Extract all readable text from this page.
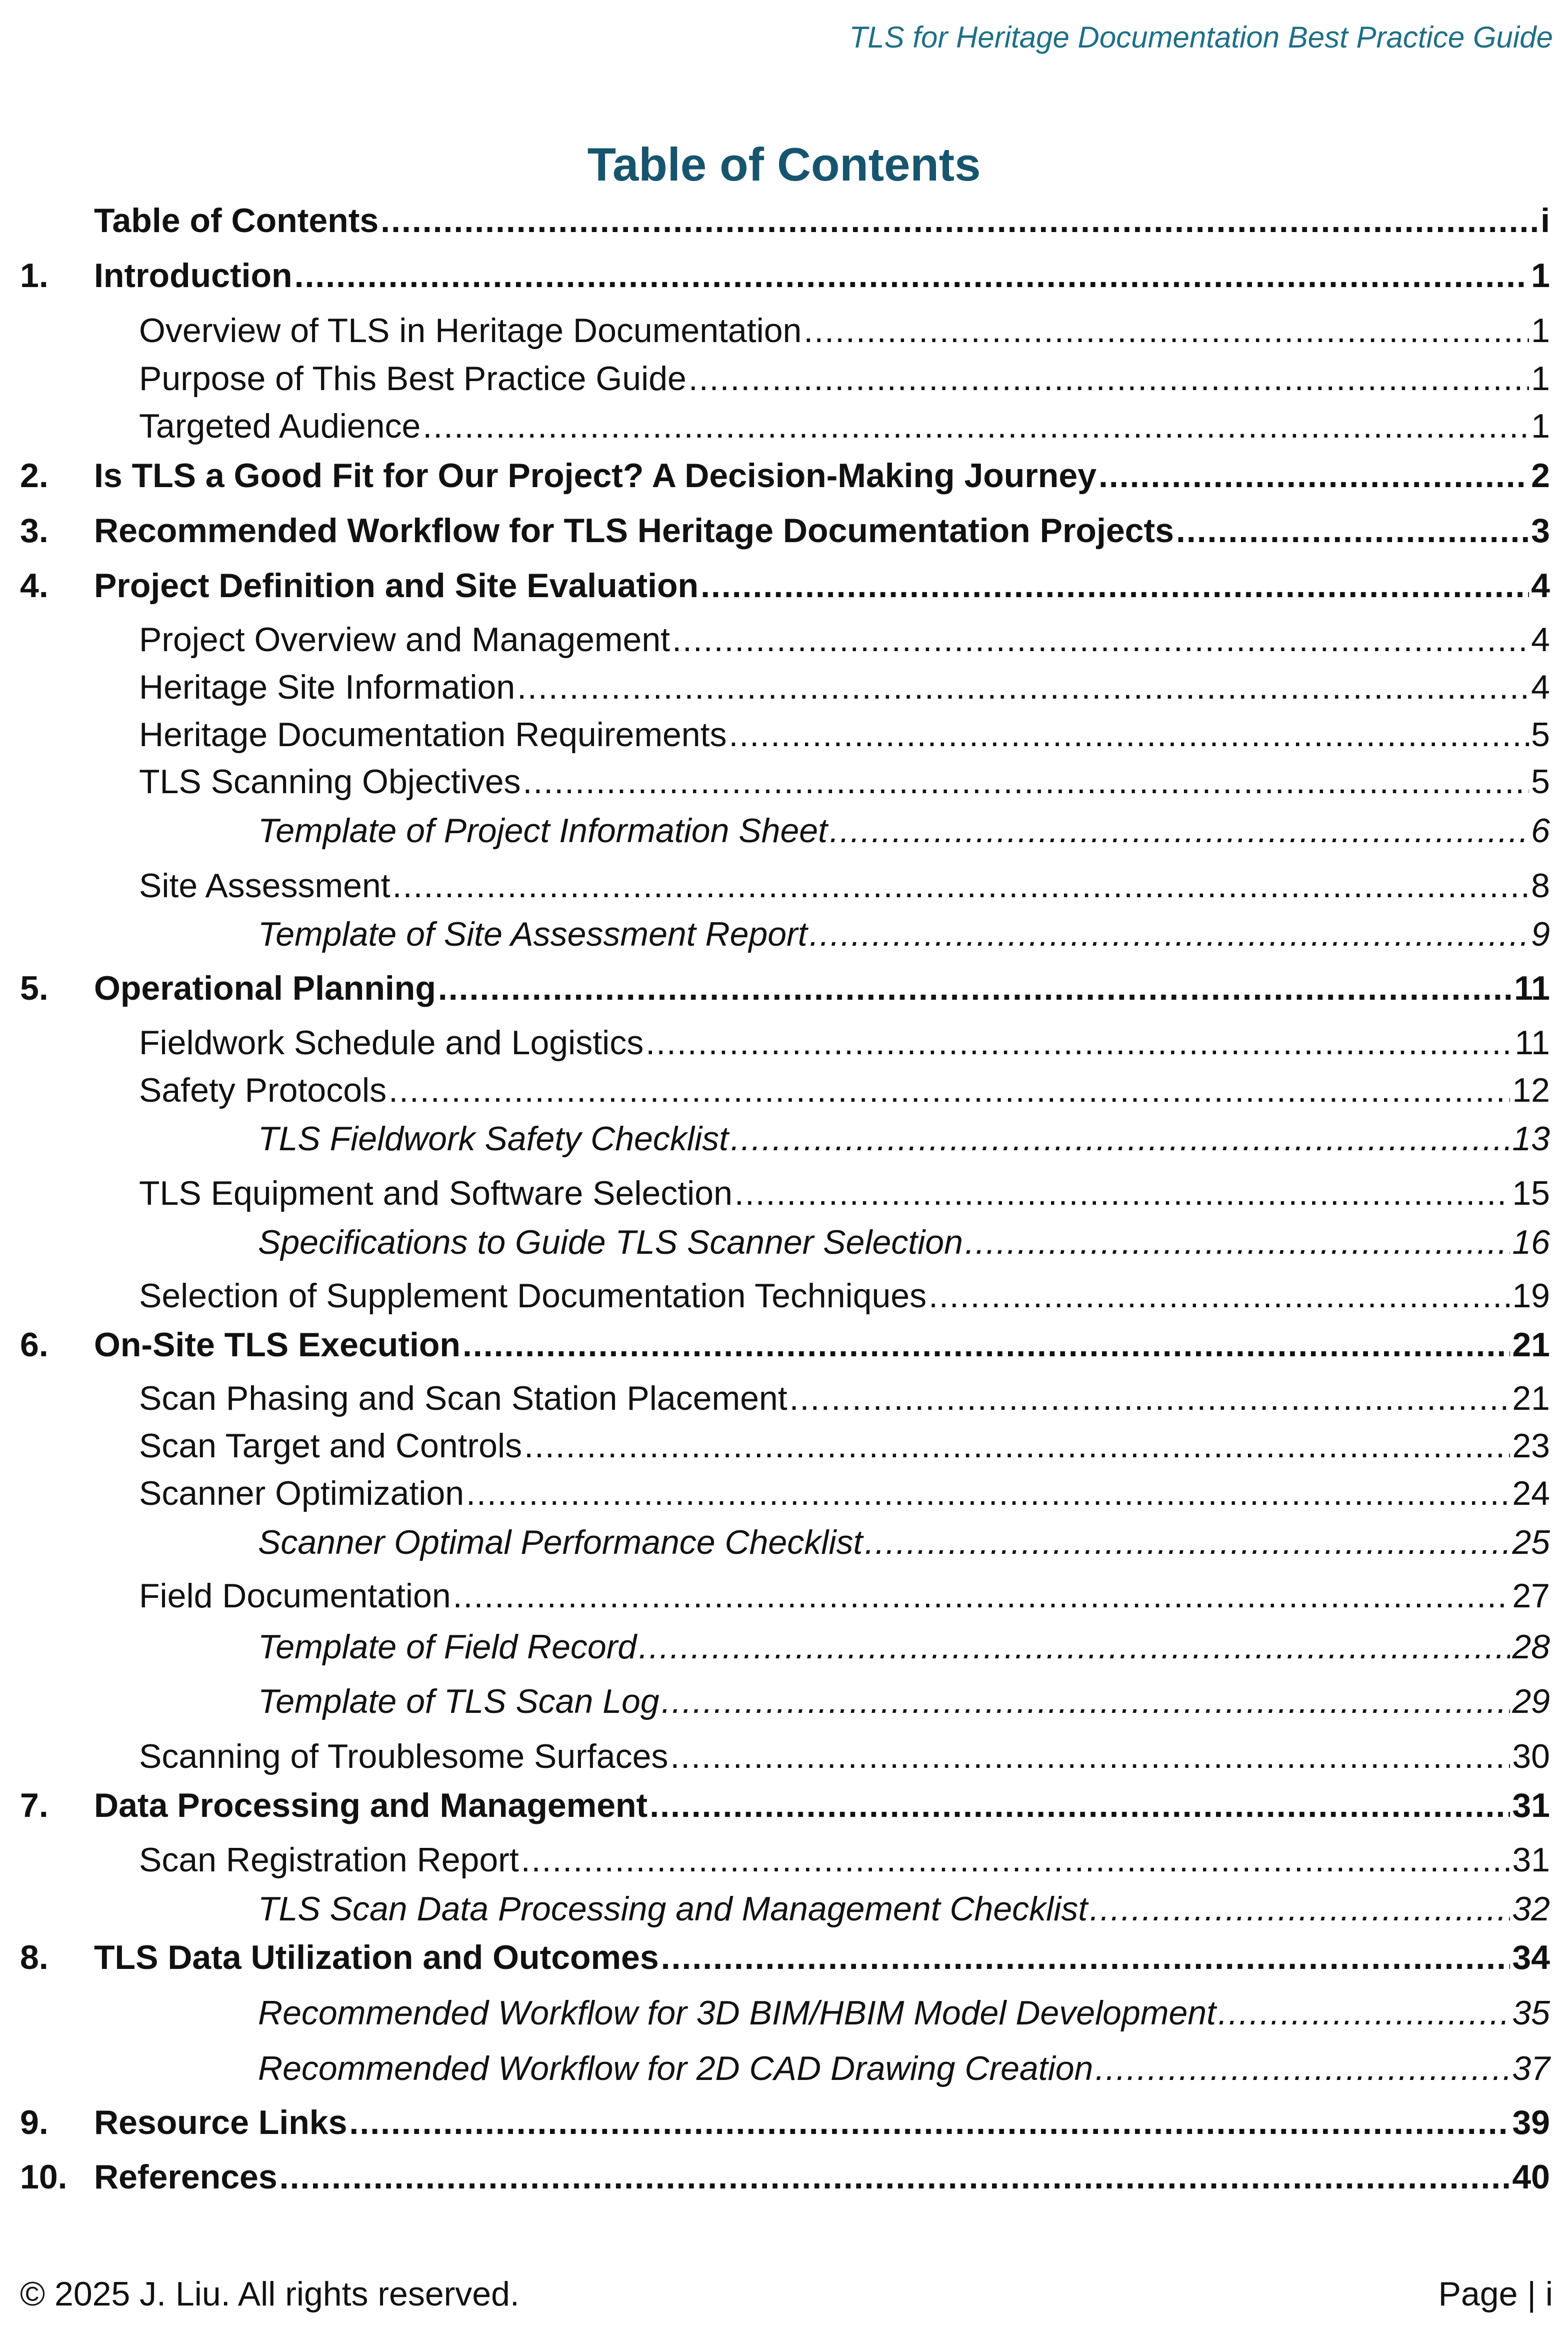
TLS for Heritage Documentation Best Practice Guide
Table of Contents
Table of Contents .....	i
1.	Introduction .....	1
Overview of TLS in Heritage Documentation .....	1
Purpose of This Best Practice Guide .....	1
Targeted Audience .....	1
2.	Is TLS a Good Fit for Our Project? A Decision-Making Journey .....	2
3.	Recommended Workflow for TLS Heritage Documentation Projects .....	3
4.	Project Definition and Site Evaluation .....	4
Project Overview and Management .....	4
Heritage Site Information .....	4
Heritage Documentation Requirements .....	5
TLS Scanning Objectives .....	5
Template of Project Information Sheet .....	6
Site Assessment .....	8
Template of Site Assessment Report .....	9
5.	Operational Planning .....	11
Fieldwork Schedule and Logistics .....	11
Safety Protocols .....	12
TLS Fieldwork Safety Checklist .....	13
TLS Equipment and Software Selection .....	15
Specifications to Guide TLS Scanner Selection .....	16
Selection of Supplement Documentation Techniques .....	19
6.	On-Site TLS Execution .....	21
Scan Phasing and Scan Station Placement .....	21
Scan Target and Controls .....	23
Scanner Optimization .....	24
Scanner Optimal Performance Checklist .....	25
Field Documentation .....	27
Template of Field Record .....	28
Template of TLS Scan Log .....	29
Scanning of Troublesome Surfaces .....	30
7.	Data Processing and Management .....	31
Scan Registration Report .....	31
TLS Scan Data Processing and Management Checklist .....	32
8.	TLS Data Utilization and Outcomes .....	34
Recommended Workflow for 3D BIM/HBIM Model Development .....	35
Recommended Workflow for 2D CAD Drawing Creation .....	37
9.	Resource Links .....	39
10. References .....	40
© 2025 J. Liu. All rights reserved.	Page | i
